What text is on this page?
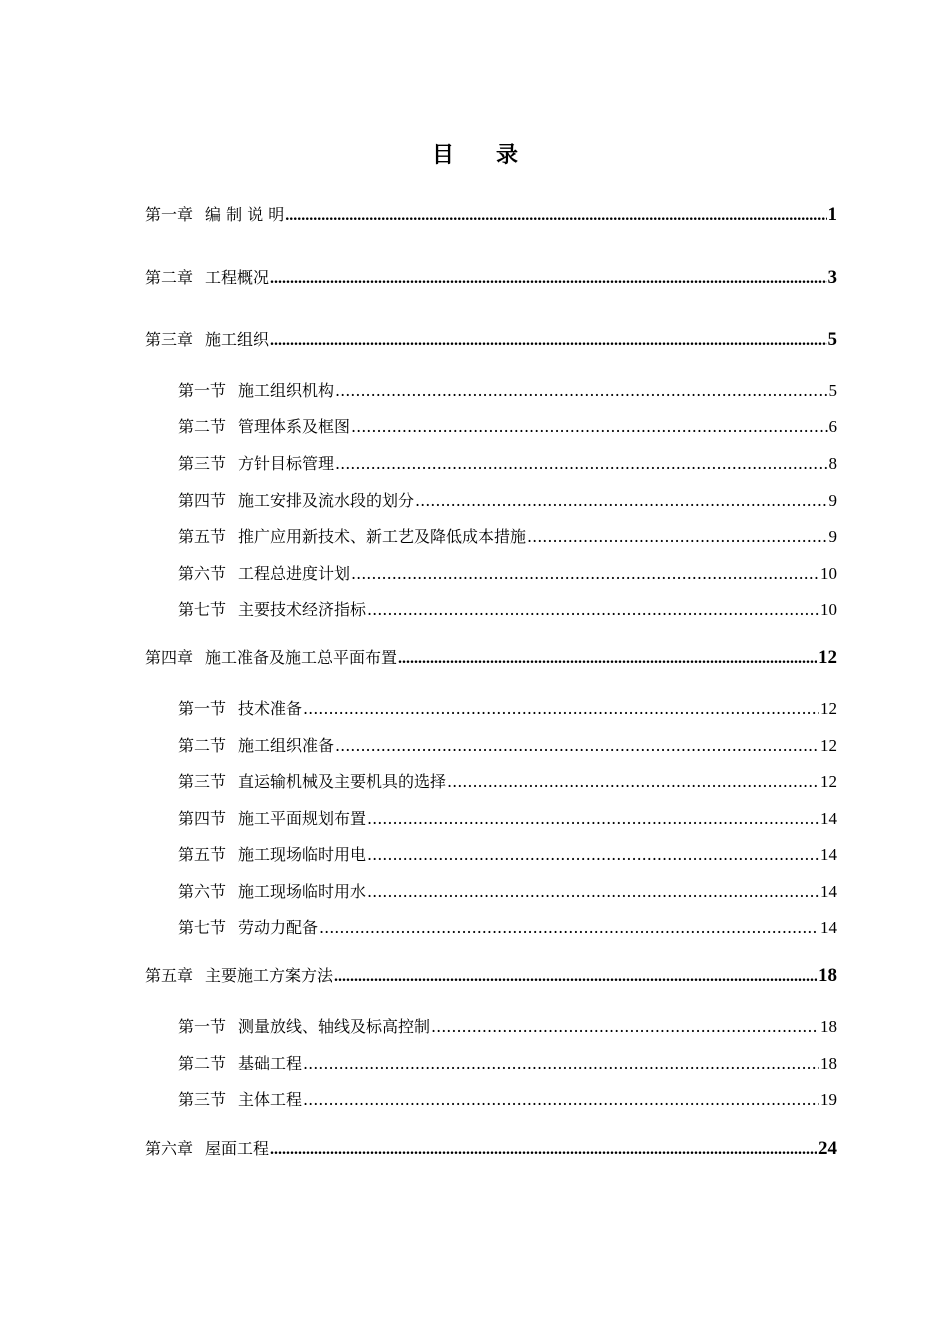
目 录
第一章 编 制 说 明 .....	1
第二章 工程概况 .....	3
第三章 施工组织 .....	5
第一节 施工组织机构 .....	5
第二节 管理体系及框图 .....	6
第三节 方针目标管理 .....	8
第四节 施工安排及流水段的划分 .....	9
第五节 推广应用新技术、新工艺及降低成本措施 .....	9
第六节 工程总进度计划 .....	10
第七节 主要技术经济指标 .....	10
第四章 施工准备及施工总平面布置 .....	12
第一节 技术准备 .....	12
第二节 施工组织准备 .....	12
第三节 直运输机械及主要机具的选择 .....	12
第四节 施工平面规划布置 .....	14
第五节 施工现场临时用电 .....	14
第六节 施工现场临时用水 .....	14
第七节 劳动力配备 .....	14
第五章 主要施工方案方法 .....	18
第一节 测量放线、轴线及标高控制 .....	18
第二节 基础工程 .....	18
第三节 主体工程 .....	19
第六章 屋面工程 .....	24
